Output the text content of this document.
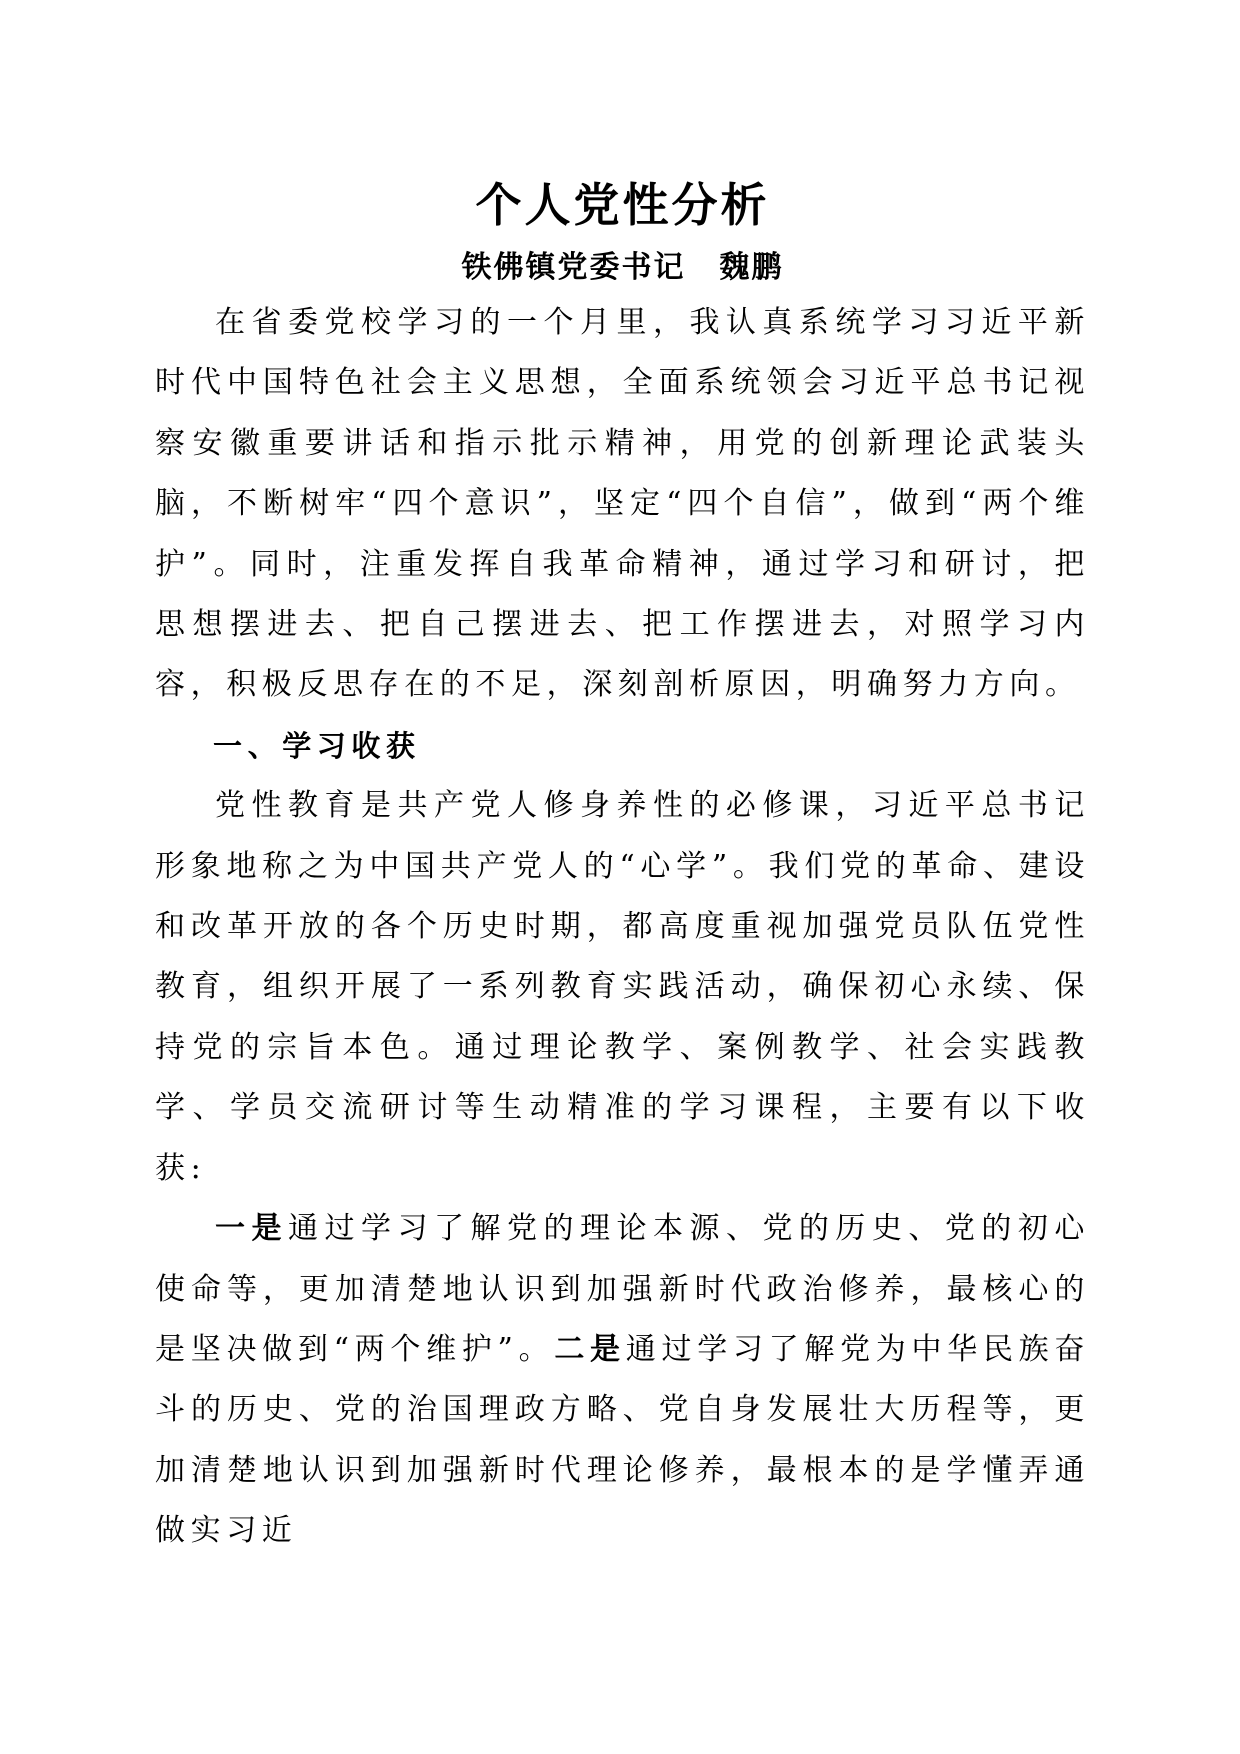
个人党性分析
铁佛镇党委书记 魏鹏

在省委党校学习的一个月里，我认真系统学习习近平新时代中国特色社会主义思想，全面系统领会习近平总书记视察安徽重要讲话和指示批示精神，用党的创新理论武装头脑，不断树牢“四个意识”，坚定“四个自信”，做到“两个维护”。同时，注重发挥自我革命精神，通过学习和研讨，把思想摆进去、把自己摆进去、把工作摆进去，对照学习内容，积极反思存在的不足，深刻剖析原因，明确努力方向。

一、学习收获

党性教育是共产党人修身养性的必修课，习近平总书记形象地称之为中国共产党人的“心学”。我们党的革命、建设和改革开放的各个历史时期，都高度重视加强党员队伍党性教育，组织开展了一系列教育实践活动，确保初心永续、保持党的宗旨本色。通过理论教学、案例教学、社会实践教学、学员交流研讨等生动精准的学习课程，主要有以下收获:

一是通过学习了解党的理论本源、党的历史、党的初心使命等，更加清楚地认识到加强新时代政治修养，最核心的是坚决做到“两个维护”。二是通过学习了解党为中华民族奋斗的历史、党的治国理政方略、党自身发展壮大历程等，更加清楚地认识到加强新时代理论修养，最根本的是学懂弄通做实习近
